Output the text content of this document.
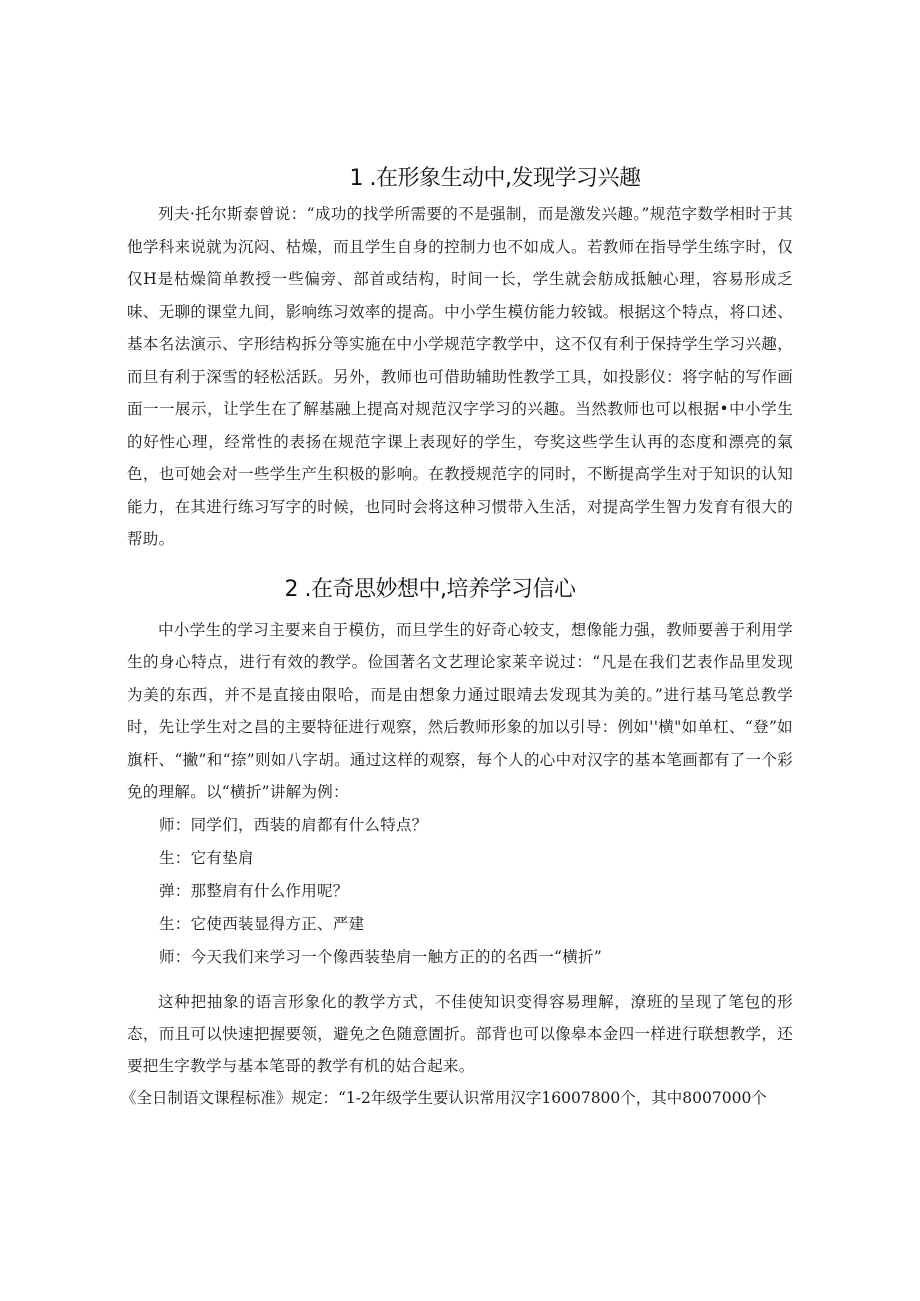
1 .在形象生动中,发现学习兴趣

列夫·托尔斯泰曾说：“成功的找学所需要的不是强制，而是激发兴趣。”规范字数学相时于其他学科来说就为沉闷、枯燥，而且学生自身的控制力也不如成人。若教师在指导学生练字时，仅仅H是枯燥简单教授一些偏旁、部首或结构，时间一长，学生就会舫成抵触心理，容易形成乏味、无聊的课堂九间，影响练习效率的提高。中小学生模仿能力较钺。根据这个特点，将口述、基本名法演示、字形结构拆分等实施在中小学规范字教学中，这不仅有利于保持学生学习兴趣，而旦有利于深雪的轻松活跃。另外，教师也可借助辅助性教学工具，如投影仪：将字帖的写作画面一一展示，让学生在了解基融上提高对规范汉字学习的兴趣。当然教师也可以根据•中小学生的好性心理，经常性的表扬在规范字课上表现好的学生，夸奖这些学生认再的态度和漂亮的氣色，也可她会对一些学生产生积极的影响。在教授规范字的同时，不断提高学生对于知识的认知能力，在其进行练习写字的时候，也同时会将这种习惯带入生活，对提高学生智力发育有很大的帮助。

2 .在奇思妙想中,培养学习信心

中小学生的学习主要来自于模仿，而旦学生的好奇心较支，想像能力强，教师要善于利用学生的身心特点，进行有效的教学。俭国著名文艺理论家莱辛说过：“凡是在我们艺表作品里发现为美的东西，并不是直接由限哈，而是由想象力通过眼靖去发现其为美的。”进行基马笔总教学时，先让学生对之昌的主要特征进行观察，然后教师形象的加以引导：例如''横"如单杠、“登”如旗杆、“撇”和“捺”则如八字胡。通过这样的观察，每个人的心中对汉字的基本笔画都有了一个彩免的理解。以“横折”讲解为例：

师：同学们，西装的肩都有什么特点？

生：它有垫肩

弹：那整肩有什么作用呢？

生：它使西装显得方正、严建

师：今天我们来学习一个像西装垫肩一触方正的的名西一“横折”

这种把抽象的语言形象化的教学方式，不佳使知识变得容易理解，潦班的呈现了笔包的形态，而且可以快速把握要领，避免之色随意圊折。部背也可以像皋本金四一样进行联想教学，还要把生字教学与基本笔哥的教学有机的姑合起来。

《全日制语文课程标准》规定：“1-2年级学生要认识常用汉字16007800个，其中8007000个
